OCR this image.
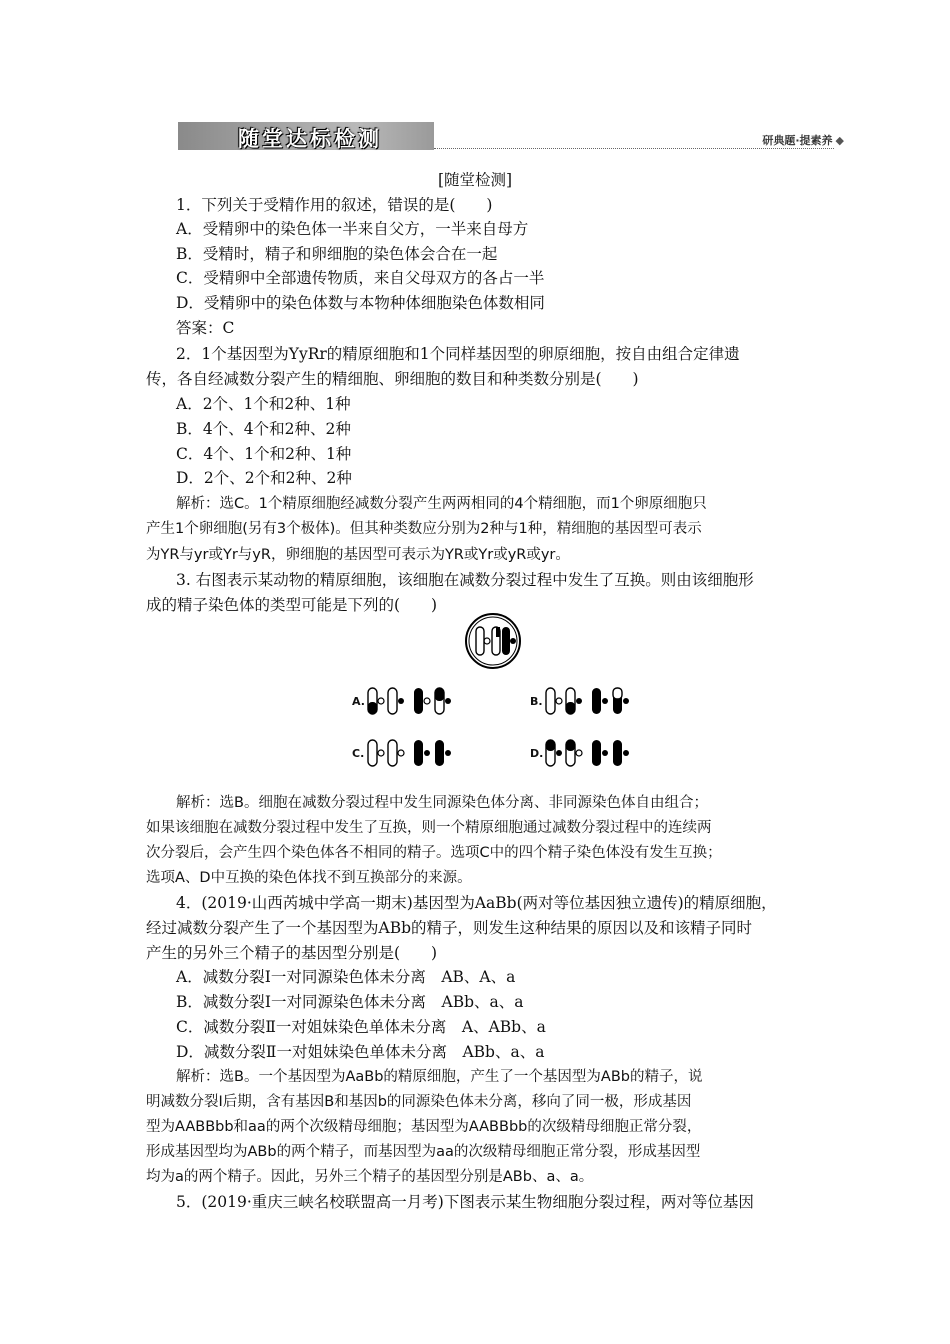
随堂达标检测	研典题·提素养 ◆
[随堂检测]
1．下列关于受精作用的叙述，错误的是(　　)
A．受精卵中的染色体一半来自父方，一半来自母方
B．受精时，精子和卵细胞的染色体会合在一起
C．受精卵中全部遗传物质，来自父母双方的各占一半
D．受精卵中的染色体数与本物种体细胞染色体数相同
答案：C
2．1个基因型为YyRr的精原细胞和1个同样基因型的卵原细胞，按自由组合定律遗
传，各自经减数分裂产生的精细胞、卵细胞的数目和种类数分别是(　　)
A．2个、1个和2种、1种
B．4个、4个和2种、2种
C．4个、1个和2种、1种
D．2个、2个和2种、2种
解析：选C。1个精原细胞经减数分裂产生两两相同的4个精细胞，而1个卵原细胞只
产生1个卵细胞(另有3个极体)。但其种类数应分别为2种与1种，精细胞的基因型可表示
为YR与yr或Yr与yR，卵细胞的基因型可表示为YR或Yr或yR或yr。
3. 右图表示某动物的精原细胞，该细胞在减数分裂过程中发生了互换。则由该细胞形
成的精子染色体的类型可能是下列的(　　)
A.	B.
C.	D.
解析：选B。细胞在减数分裂过程中发生同源染色体分离、非同源染色体自由组合；
如果该细胞在减数分裂过程中发生了互换，则一个精原细胞通过减数分裂过程中的连续两
次分裂后，会产生四个染色体各不相同的精子。选项C中的四个精子染色体没有发生互换；
选项A、D中互换的染色体找不到互换部分的来源。
4．(2019·山西芮城中学高一期末)基因型为AaBb(两对等位基因独立遗传)的精原细胞，
经过减数分裂产生了一个基因型为ABb的精子，则发生这种结果的原因以及和该精子同时
产生的另外三个精子的基因型分别是(　　)
A．减数分裂Ⅰ一对同源染色体未分离　AB、A、a
B．减数分裂Ⅰ一对同源染色体未分离　ABb、a、a
C．减数分裂Ⅱ一对姐妹染色单体未分离　A、ABb、a
D．减数分裂Ⅱ一对姐妹染色单体未分离　ABb、a、a
解析：选B。一个基因型为AaBb的精原细胞，产生了一个基因型为ABb的精子，说
明减数分裂Ⅰ后期，含有基因B和基因b的同源染色体未分离，移向了同一极，形成基因
型为AABBbb和aa的两个次级精母细胞；基因型为AABBbb的次级精母细胞正常分裂，
形成基因型均为ABb的两个精子，而基因型为aa的次级精母细胞正常分裂，形成基因型
均为a的两个精子。因此，另外三个精子的基因型分别是ABb、a、a。
5．(2019·重庆三峡名校联盟高一月考)下图表示某生物细胞分裂过程，两对等位基因
